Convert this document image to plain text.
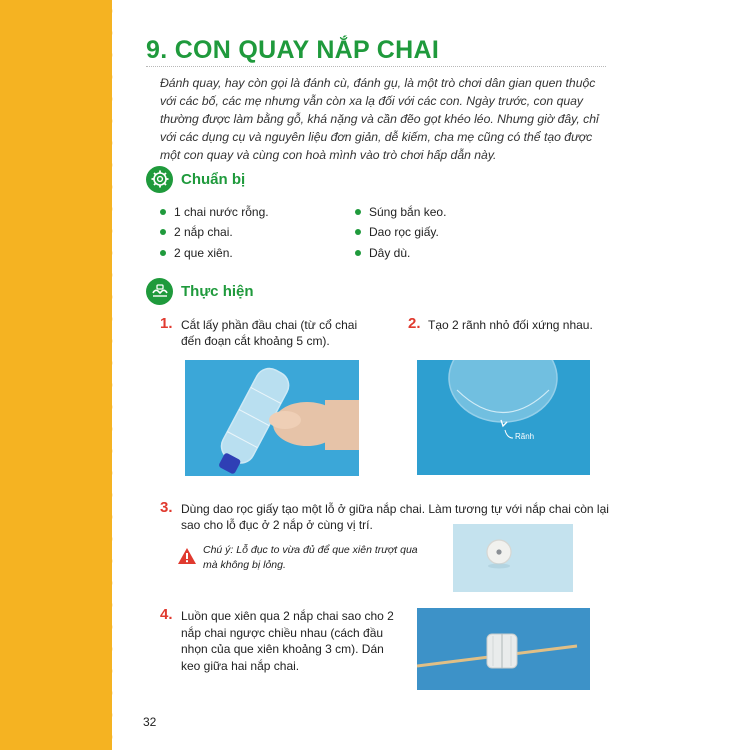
9. CON QUAY NẮP CHAI
Đánh quay, hay còn gọi là đánh cù, đánh gụ, là một trò chơi dân gian quen thuộc với các bố, các mẹ nhưng vẫn còn xa lạ đối với các con. Ngày trước, con quay thường được làm bằng gỗ, khá nặng và cần đẽo gọt khéo léo. Nhưng giờ đây, chỉ với các dụng cụ và nguyên liệu đơn giản, dễ kiếm, cha mẹ cũng có thể tạo được một con quay và cùng con hoà mình vào trò chơi hấp dẫn này.
Chuẩn bị
1 chai nước rỗng.
2 nắp chai.
2 que xiên.
Súng bắn keo.
Dao rọc giấy.
Dây dù.
Thực hiện
1. Cắt lấy phần đầu chai (từ cổ chai đến đoạn cắt khoảng 5 cm).
2. Tạo 2 rãnh nhỏ đối xứng nhau.
Rãnh
3. Dùng dao rọc giấy tạo một lỗ ở giữa nắp chai. Làm tương tự với nắp chai còn lại sao cho lỗ đục ở 2 nắp ở cùng vị trí.
Chú ý: Lỗ đục to vừa đủ để que xiên trượt qua mà không bị lỏng.
4. Luồn que xiên qua 2 nắp chai sao cho 2 nắp chai ngược chiều nhau (cách đầu nhọn của que xiên khoảng 3 cm). Dán keo giữa hai nắp chai.
32
